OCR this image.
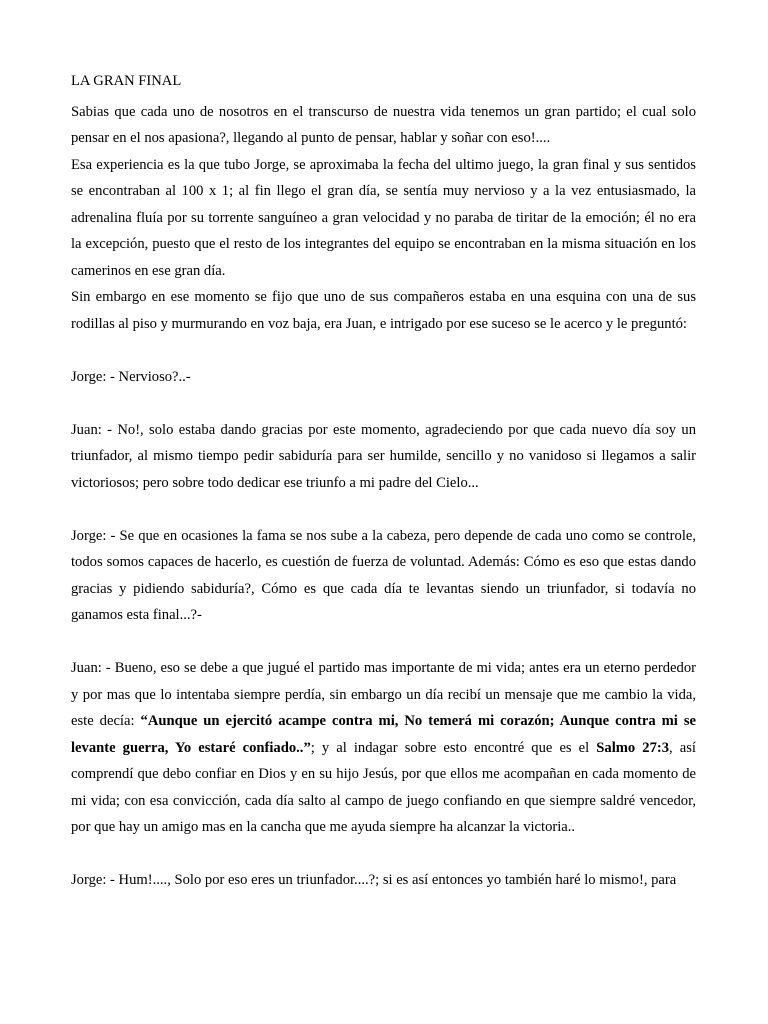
LA GRAN FINAL

Sabias que cada uno de nosotros en el transcurso de nuestra vida tenemos un gran partido; el cual solo pensar en el nos apasiona?, llegando al punto de pensar, hablar y soñar con eso!....

Esa experiencia es la que tubo Jorge, se aproximaba la fecha del ultimo juego, la gran final y sus sentidos se encontraban al 100 x 1; al fin llego el gran día, se sentía muy nervioso y a la vez entusiasmado, la adrenalina fluía por su torrente sanguíneo a gran velocidad y no paraba de tiritar de la emoción; él no era la excepción, puesto que el resto de los integrantes del equipo se encontraban en la misma situación en los camerinos en ese gran día.

Sin embargo en ese momento se fijo que uno de sus compañeros estaba en una esquina con una de sus rodillas al piso y murmurando en voz baja, era Juan, e intrigado por ese suceso se le acerco y le preguntó:

Jorge: - Nervioso?..-

Juan: - No!, solo estaba dando gracias por este momento, agradeciendo por que cada nuevo día soy un triunfador, al mismo tiempo pedir sabiduría para ser humilde, sencillo y no vanidoso si llegamos a salir victoriosos; pero sobre todo dedicar ese triunfo a mi padre del Cielo...

Jorge: - Se que en ocasiones la fama se nos sube a la cabeza, pero depende de cada uno como se controle, todos somos capaces de hacerlo, es cuestión de fuerza de voluntad. Además: Cómo es eso que estas dando gracias y pidiendo sabiduría?, Cómo es que cada día te levantas siendo un triunfador, si todavía no ganamos esta final...?-

Juan: - Bueno, eso se debe a que jugué el partido mas importante de mi vida; antes era un eterno perdedor y por mas que lo intentaba siempre perdía, sin embargo un día recibí un mensaje que me cambio la vida, este decía: “Aunque un ejercitó acampe contra mi, No temerá mi corazón; Aunque contra mi se levante guerra, Yo estaré confiado..”; y al indagar sobre esto encontré que es el Salmo 27:3, así comprendí que debo confiar en Dios y en su hijo Jesús, por que ellos me acompañan en cada momento de mi vida; con esa convicción, cada día salto al campo de juego confiando en que siempre saldré vencedor, por que hay un amigo mas en la cancha que me ayuda siempre ha alcanzar la victoria..

Jorge: - Hum!...., Solo por eso eres un triunfador....?; si es así entonces yo también haré lo mismo!, para
